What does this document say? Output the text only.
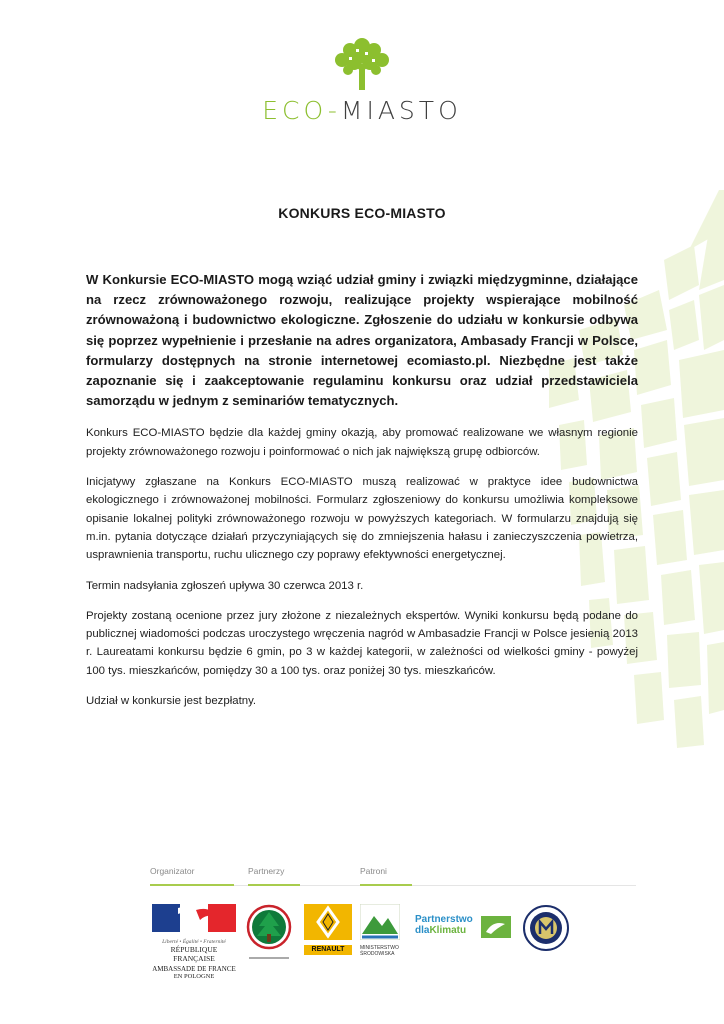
ECO-MIASTO
KONKURS ECO-MIASTO

W Konkursie ECO-MIASTO mogą wziąć udział gminy i związki międzygminne, działające na rzecz zrównoważonego rozwoju, realizujące projekty wspierające mobilność zrównoważoną i budownictwo ekologiczne. Zgłoszenie do udziału w konkursie odbywa się poprzez wypełnienie i przesłanie na adres organizatora, Ambasady Francji w Polsce, formularzy dostępnych na stronie internetowej ecomiasto.pl. Niezbędne jest także zapoznanie się i zaakceptowanie regulaminu konkursu oraz udział przedstawiciela samorządu w jednym z seminariów tematycznych.

Konkurs ECO-MIASTO będzie dla każdej gminy okazją, aby promować realizowane we własnym regionie projekty zrównoważonego rozwoju i poinformować o nich jak największą grupę odbiorców.

Inicjatywy zgłaszane na Konkurs ECO-MIASTO muszą realizować w praktyce idee budownictwa ekologicznego i zrównoważonej mobilności. Formularz zgłoszeniowy do konkursu umożliwia kompleksowe opisanie lokalnej polityki zrównoważonego rozwoju w powyższych kategoriach. W formularzu znajdują się m.in. pytania dotyczące działań przyczyniających się do zmniejszenia hałasu i zanieczyszczenia powietrza, usprawnienia transportu, ruchu ulicznego czy poprawy efektywności energetycznej.

Termin nadsyłania zgłoszeń upływa 30 czerwca 2013 r.

Projekty zostaną ocenione przez jury złożone z niezależnych ekspertów. Wyniki konkursu będą podane do publicznej wiadomości podczas uroczystego wręczenia nagród w Ambasadzie Francji w Polsce jesienią 2013 r. Laureatami konkursu będzie 6 gmin, po 3 w każdej kategorii, w zależności od wielkości gminy - powyżej 100 tys. mieszkańców, pomiędzy 30 a 100 tys. oraz poniżej 30 tys. mieszkańców.

Udział w konkursie jest bezpłatny.

Organizator	Partnerzy	Patroni
Liberté • Égalité • Fraternité
RÉPUBLIQUE FRANÇAISE
AMBASSADE DE FRANCE
EN POLOGNE
RENAULT	MINISTERSTWO
ŚRODOWISKA
Partnerstwo
dlaKlimatu
